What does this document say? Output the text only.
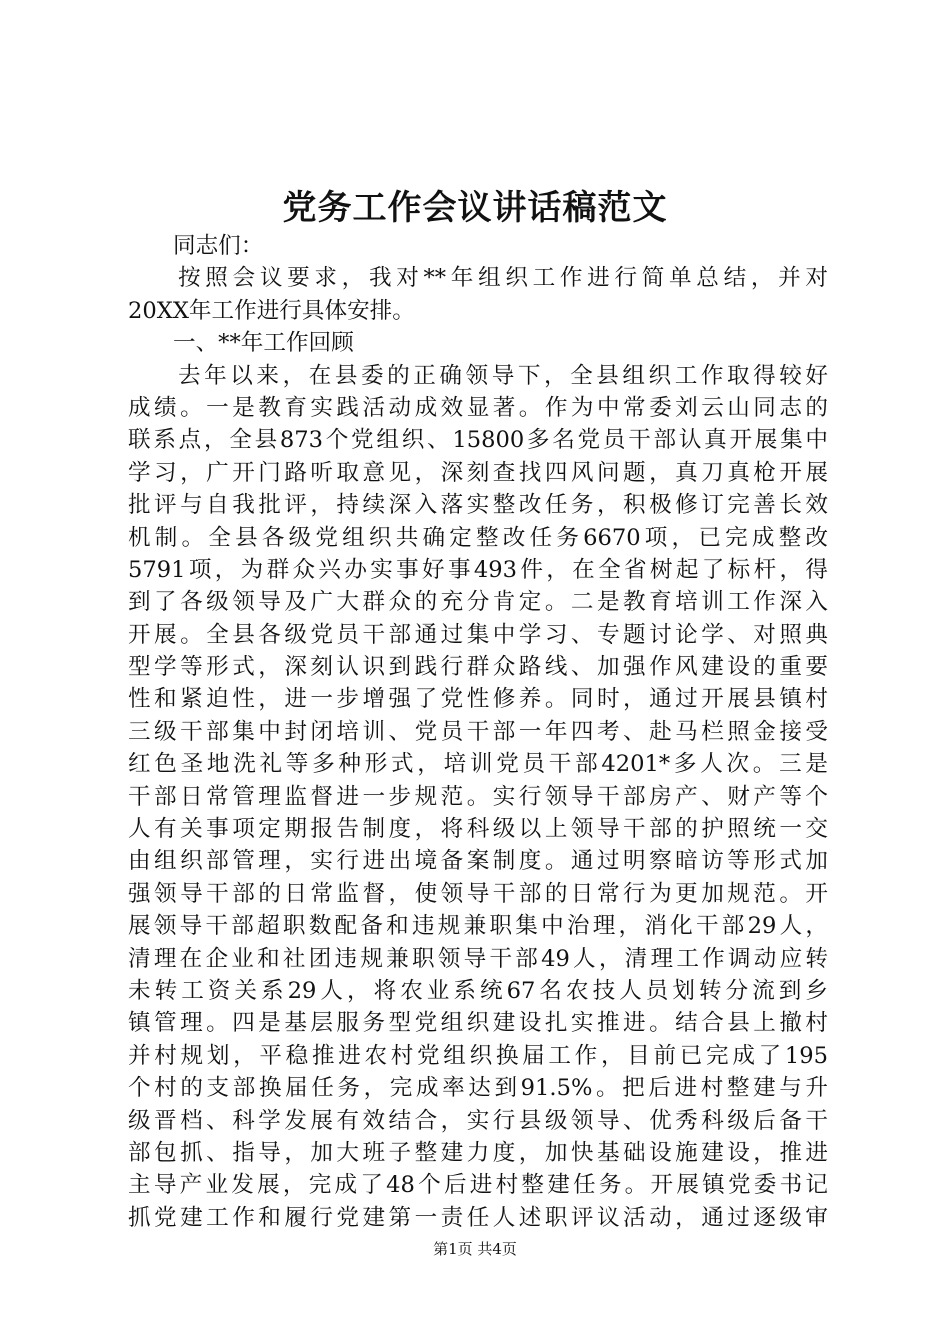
党务工作会议讲话稿范文
同志们：
按照会议要求，我对**年组织工作进行简单总结，并对
20XX年工作进行具体安排。
一、**年工作回顾
去年以来，在县委的正确领导下，全县组织工作取得较好
成绩。一是教育实践活动成效显著。作为中常委刘云山同志的
联系点，全县873个党组织、15800多名党员干部认真开展集中
学习，广开门路听取意见，深刻查找四风问题，真刀真枪开展
批评与自我批评，持续深入落实整改任务，积极修订完善长效
机制。全县各级党组织共确定整改任务6670项，已完成整改
5791项，为群众兴办实事好事493件，在全省树起了标杆，得
到了各级领导及广大群众的充分肯定。二是教育培训工作深入
开展。全县各级党员干部通过集中学习、专题讨论学、对照典
型学等形式，深刻认识到践行群众路线、加强作风建设的重要
性和紧迫性，进一步增强了党性修养。同时，通过开展县镇村
三级干部集中封闭培训、党员干部一年四考、赴马栏照金接受
红色圣地洗礼等多种形式，培训党员干部4201*多人次。三是
干部日常管理监督进一步规范。实行领导干部房产、财产等个
人有关事项定期报告制度，将科级以上领导干部的护照统一交
由组织部管理，实行进出境备案制度。通过明察暗访等形式加
强领导干部的日常监督，使领导干部的日常行为更加规范。开
展领导干部超职数配备和违规兼职集中治理，消化干部29人，
清理在企业和社团违规兼职领导干部49人，清理工作调动应转
未转工资关系29人，将农业系统67名农技人员划转分流到乡
镇管理。四是基层服务型党组织建设扎实推进。结合县上撤村
并村规划，平稳推进农村党组织换届工作，目前已完成了195
个村的支部换届任务，完成率达到91.5%。把后进村整建与升
级晋档、科学发展有效结合，实行县级领导、优秀科级后备干
部包抓、指导，加大班子整建力度，加快基础设施建设，推进
主导产业发展，完成了48个后进村整建任务。开展镇党委书记
抓党建工作和履行党建第一责任人述职评议活动，通过逐级审
第1页 共4页
